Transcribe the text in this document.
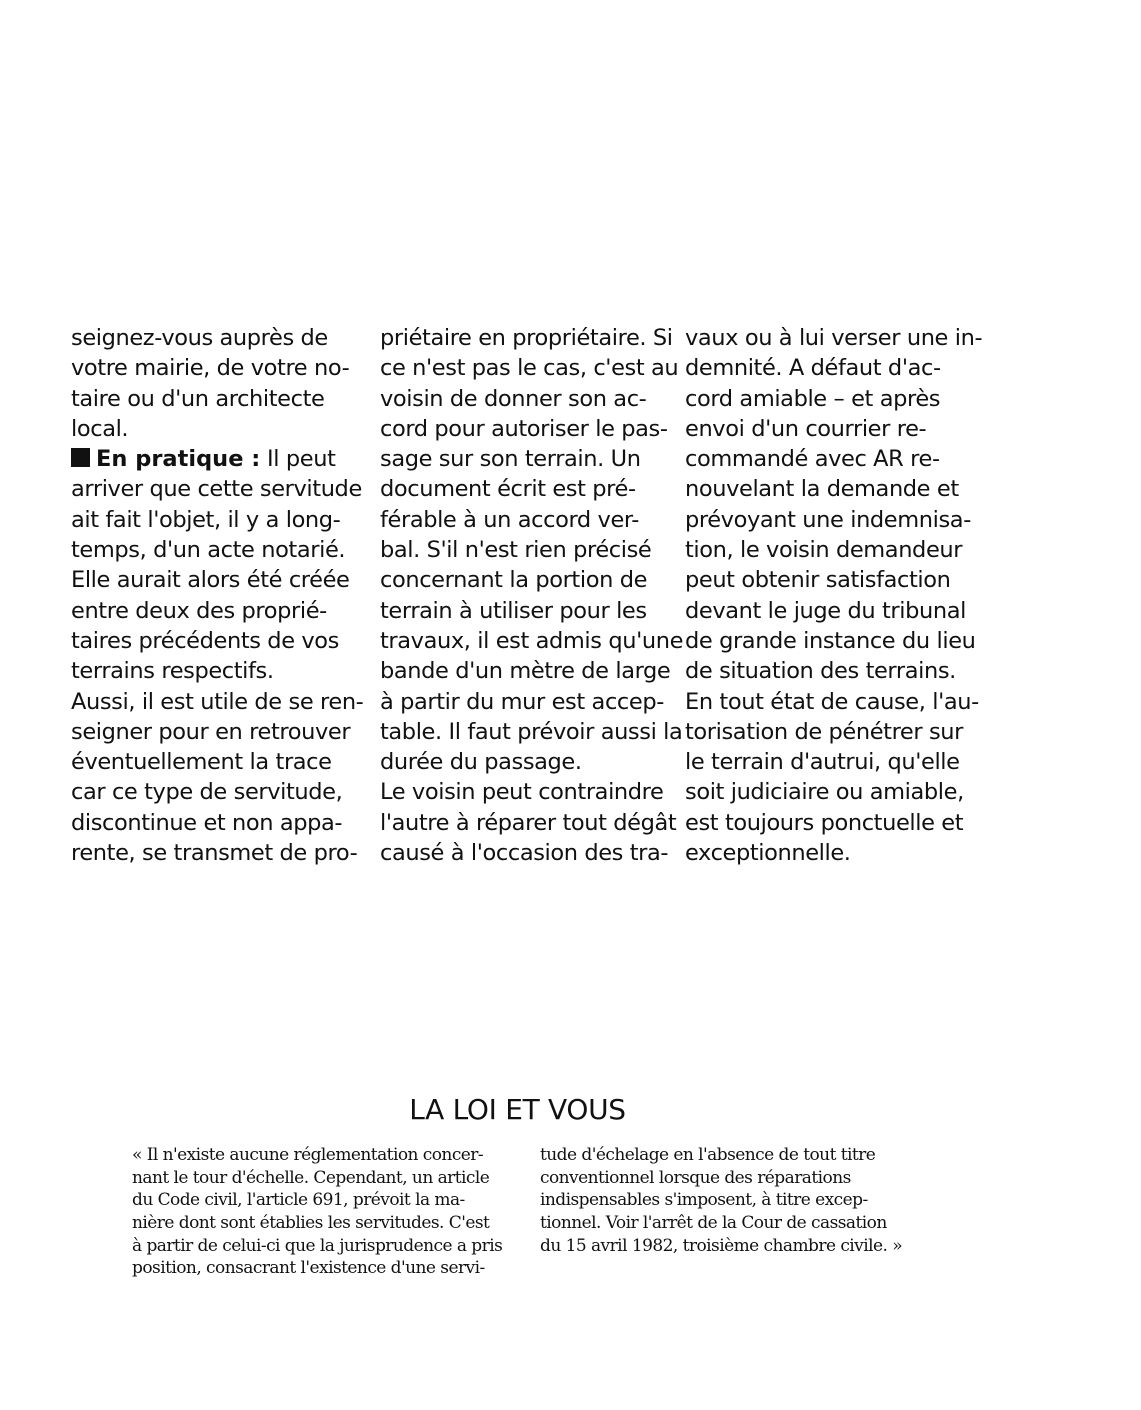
seignez-vous auprès de
votre mairie, de votre no-
taire ou d'un architecte
local.
En pratique : Il peut
arriver que cette servitude
ait fait l'objet, il y a long-
temps, d'un acte notarié.
Elle aurait alors été créée
entre deux des proprié-
taires précédents de vos
terrains respectifs.
Aussi, il est utile de se ren-
seigner pour en retrouver
éventuellement la trace
car ce type de servitude,
discontinue et non appa-
rente, se transmet de pro-
priétaire en propriétaire. Si
ce n'est pas le cas, c'est au
voisin de donner son ac-
cord pour autoriser le pas-
sage sur son terrain. Un
document écrit est pré-
férable à un accord ver-
bal. S'il n'est rien précisé
concernant la portion de
terrain à utiliser pour les
travaux, il est admis qu'une
bande d'un mètre de large
à partir du mur est accep-
table. Il faut prévoir aussi la
durée du passage.
Le voisin peut contraindre
l'autre à réparer tout dégât
causé à l'occasion des tra-
vaux ou à lui verser une in-
demnité. A défaut d'ac-
cord amiable – et après
envoi d'un courrier re-
commandé avec AR re-
nouvelant la demande et
prévoyant une indemnisa-
tion, le voisin demandeur
peut obtenir satisfaction
devant le juge du tribunal
de grande instance du lieu
de situation des terrains.
En tout état de cause, l'au-
torisation de pénétrer sur
le terrain d'autrui, qu'elle
soit judiciaire ou amiable,
est toujours ponctuelle et
exceptionnelle.
LA LOI ET VOUS
« Il n'existe aucune réglementation concer-
nant le tour d'échelle. Cependant, un article
du Code civil, l'article 691, prévoit la ma-
nière dont sont établies les servitudes. C'est
à partir de celui-ci que la jurisprudence a pris
position, consacrant l'existence d'une servi-
tude d'échelage en l'absence de tout titre
conventionnel lorsque des réparations
indispensables s'imposent, à titre excep-
tionnel. Voir l'arrêt de la Cour de cassation
du 15 avril 1982, troisième chambre civile. »
